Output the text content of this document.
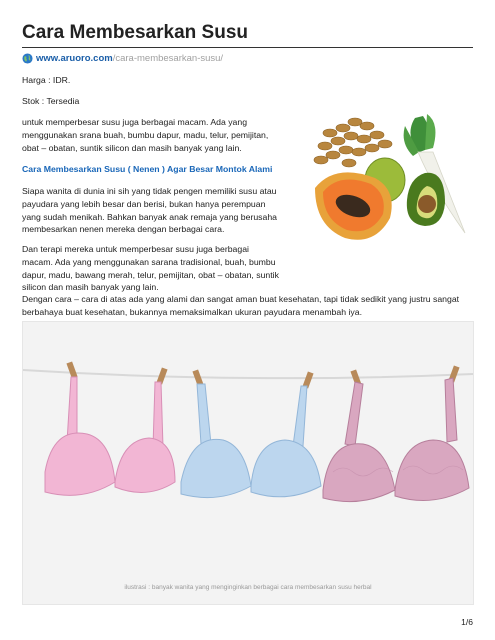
Cara Membesarkan Susu
www.aruoro.com /cara-membesarkan-susu/

Harga : IDR.

Stok : Tersedia

untuk memperbesar susu juga berbagai macam. Ada yang menggunakan srana buah, bumbu dapur, madu, telur, pemijitan, obat – obatan, suntik silicon dan masih banyak yang lain.

Cara Membesarkan Susu ( Nenen ) Agar Besar Montok Alami

Siapa wanita di dunia ini sih yang tidak pengen memiliki susu atau payudara yang lebih besar dan berisi, bukan hanya perempuan yang sudah menikah. Bahkan banyak anak remaja yang berusaha membesarkan nenen mereka dengan berbagai cara.

Dan terapi mereka untuk memperbesar susu juga berbagai macam. Ada yang menggunakan sarana tradisional, buah, bumbu dapur, madu, bawang merah, telur, pemijitan, obat – obatan, suntik silicon dan masih banyak yang lain.

Dengan cara – cara di atas ada yang alami dan sangat aman buat kesehatan, tapi tidak sedikit yang justru sangat berbahaya buat kesehatan, bukannya memaksimalkan ukuran payudara menambah iya.

ilustrasi : banyak wanita yang menginginkan berbagai cara membesarkan susu herbal
1/6
